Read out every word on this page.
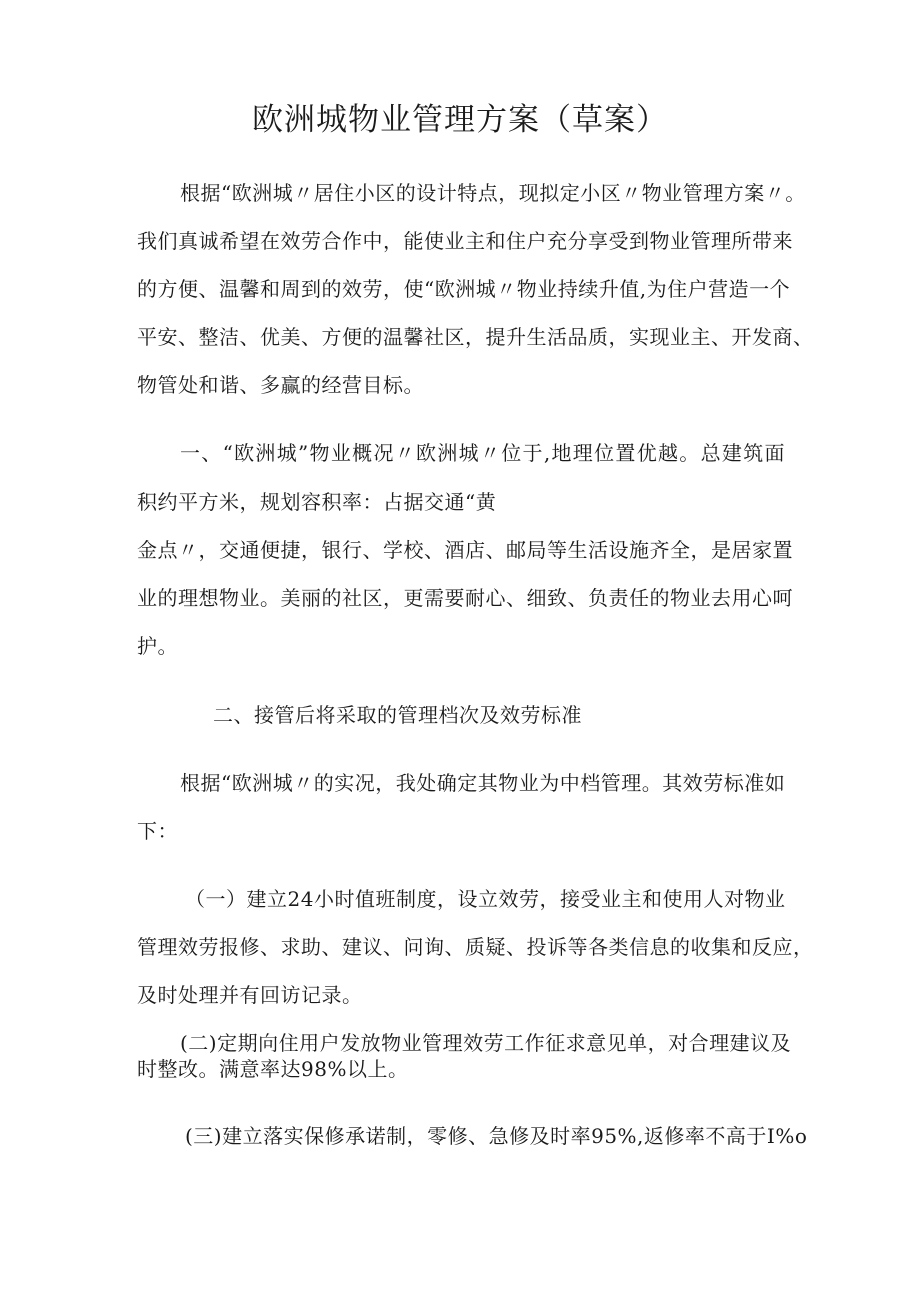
欧洲城物业管理方案（草案）
根据“欧洲城〃居住小区的设计特点，现拟定小区〃物业管理方案〃。
我们真诚希望在效劳合作中，能使业主和住户充分享受到物业管理所带来
的方便、温馨和周到的效劳，使“欧洲城〃物业持续升值,为住户营造一个
平安、整洁、优美、方便的温馨社区，提升生活品质，实现业主、开发商、
物管处和谐、多赢的经营目标。
一、“欧洲城”物业概况〃欧洲城〃位于,地理位置优越。总建筑面
积约平方米，规划容积率：占据交通“黄
金点〃，交通便捷，银行、学校、酒店、邮局等生活设施齐全，是居家置
业的理想物业。美丽的社区，更需要耐心、细致、负责任的物业去用心呵
护。
二、接管后将采取的管理档次及效劳标准
根据“欧洲城〃的实况，我处确定其物业为中档管理。其效劳标准如
下：
（一）建立24小时值班制度，设立效劳，接受业主和使用人对物业
管理效劳报修、求助、建议、问询、质疑、投诉等各类信息的收集和反应，
及时处理并有回访记录。
(二)定期向住用户发放物业管理效劳工作征求意见单，对合理建议及
时整改。满意率达98%以上。
(三)建立落实保修承诺制，零修、急修及时率95%,返修率不高于I%o
